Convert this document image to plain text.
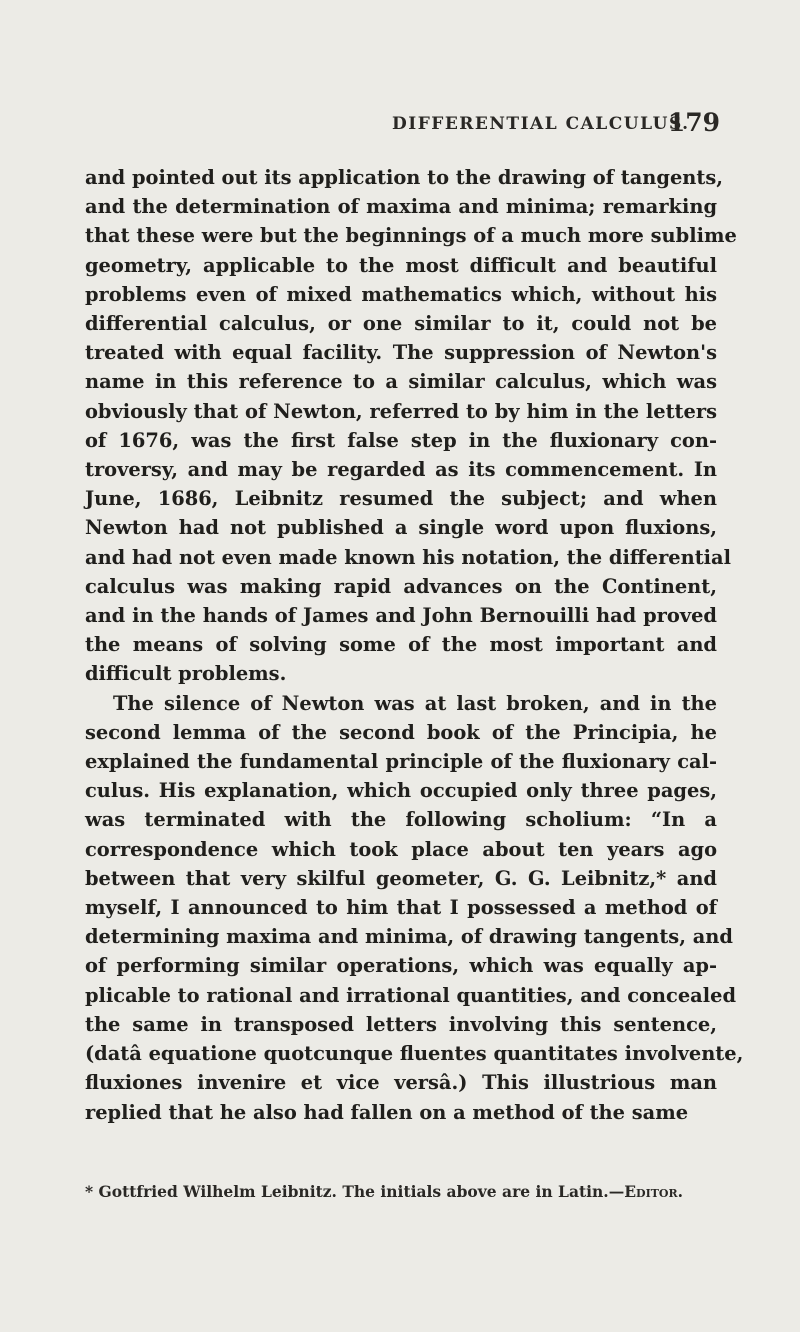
DIFFERENTIAL CALCULUS.
179

and pointed out its application to the drawing of tangents,
and the determination of maxima and minima; remarking
that these were but the beginnings of a much more sublime
geometry, applicable to the most difficult and beautiful
problems even of mixed mathematics which, without his
differential calculus, or one similar to it, could not be
treated with equal facility. The suppression of Newton's
name in this reference to a similar calculus, which was
obviously that of Newton, referred to by him in the letters
of 1676, was the first false step in the fluxionary con-
troversy, and may be regarded as its commencement. In
June, 1686, Leibnitz resumed the subject; and when
Newton had not published a single word upon fluxions,
and had not even made known his notation, the differential
calculus was making rapid advances on the Continent,
and in the hands of James and John Bernouilli had proved
the means of solving some of the most important and
difficult problems.

The silence of Newton was at last broken, and in the
second lemma of the second book of the Principia, he
explained the fundamental principle of the fluxionary cal-
culus. His explanation, which occupied only three pages,
was terminated with the following scholium: “In a
correspondence which took place about ten years ago
between that very skilful geometer, G. G. Leibnitz,* and
myself, I announced to him that I possessed a method of
determining maxima and minima, of drawing tangents, and
of performing similar operations, which was equally ap-
plicable to rational and irrational quantities, and concealed
the same in transposed letters involving this sentence,
(datâ equatione quotcunque fluentes quantitates involvente,
fluxiones invenire et vice versâ.) This illustrious man
replied that he also had fallen on a method of the same

* Gottfried Wilhelm Leibnitz. The initials above are in Latin.—Editor.
